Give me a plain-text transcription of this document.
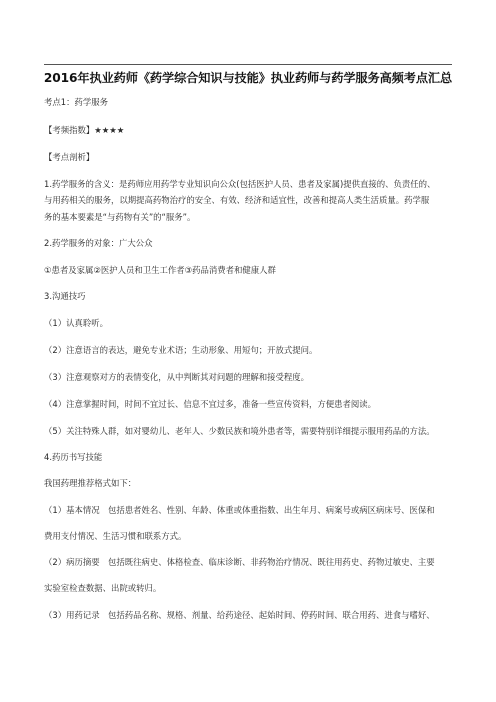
2016年执业药师《药学综合知识与技能》执业药师与药学服务高频考点汇总
考点1：药学服务
【考频指数】★★★★
【考点剖析】
1.药学服务的含义：是药师应用药学专业知识向公众(包括医护人员、患者及家属)提供直接的、负责任的、
与用药相关的服务，以期提高药物治疗的安全、有效、经济和适宜性，改善和提高人类生活质量。药学服
务的基本要素是“与药物有关”的“服务”。
2.药学服务的对象：广大公众
①患者及家属②医护人员和卫生工作者③药品消费者和健康人群
3.沟通技巧
（1）认真聆听。
（2）注意语言的表达，避免专业术语；生动形象、用短句；开放式提问。
（3）注意观察对方的表情变化，从中判断其对问题的理解和接受程度。
（4）注意掌握时间，时间不宜过长、信息不宜过多，准备一些宣传资料，方便患者阅读。
（5）关注特殊人群，如对婴幼儿、老年人、少数民族和境外患者等，需要特别详细提示服用药品的方法。
4.药历书写技能
我国药理推荐格式如下：
（1）基本情况　包括患者姓名、性别、年龄、体重或体重指数、出生年月、病案号或病区病床号、医保和
费用支付情况、生活习惯和联系方式。
（2）病历摘要　包括既往病史、体格检查、临床诊断、非药物治疗情况、既往用药史、药物过敏史、主要
实验室检查数据、出院或转归。
（3）用药记录　包括药品名称、规格、剂量、给药途径、起始时间、停药时间、联合用药、进食与嗜好、
